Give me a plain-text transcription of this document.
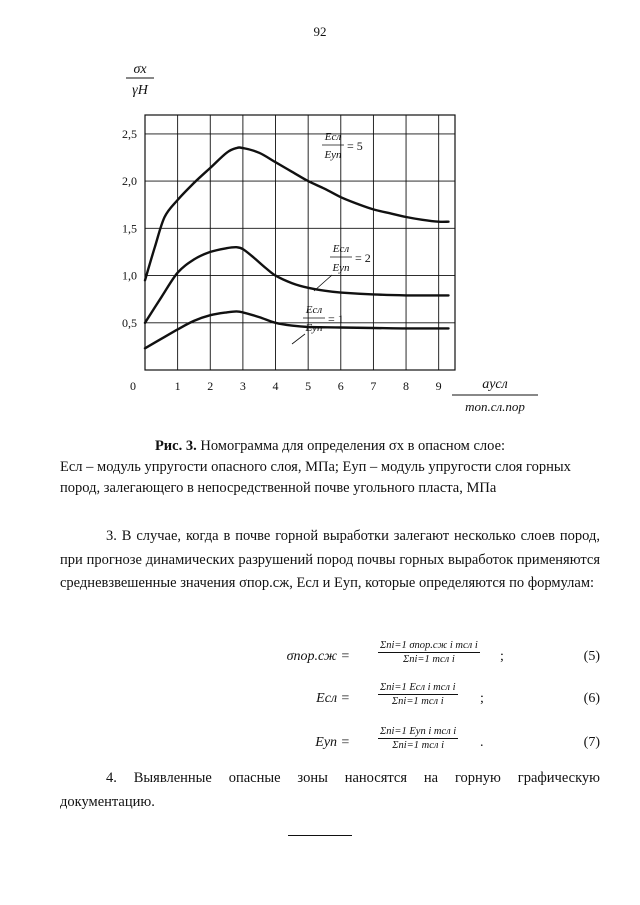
92
0	1 2 3 4 5 6 7 8 9
0,5
1,0
1,5
2,0
2,5
σx
γH
aусл
mоп.сл.пор
Eсл
Eуп
= 5
Eсл
Eуп
= 2
Eсл
Eуп
= 1
Рис. 3. Номограмма для определения σx в опасном слое:
Eсл – модуль упругости опасного слоя, МПа; Eуп – модуль упругости слоя горных пород, залегающего в непосредственной почве угольного пласта, МПа
3. В случае, когда в почве горной выработки залегают несколько слоев пород, при прогнозе динамических разрушений пород почвы горных выработок применяются средневзвешенные значения σпор.сж, Eсл и Eуп, которые определяются по формулам:
σпор.сж =
Σni=1 σпор.сж i mсл i
Σni=1 mсл i	;	(5)
Eсл =
Σni=1 Eсл i mсл i
Σni=1 mсл i	;	(6)
Eуп =
Σni=1 Eуп i mсл i
Σni=1 mсл i	.	(7)
4. Выявленные опасные зоны наносятся на горную графическую документацию.
